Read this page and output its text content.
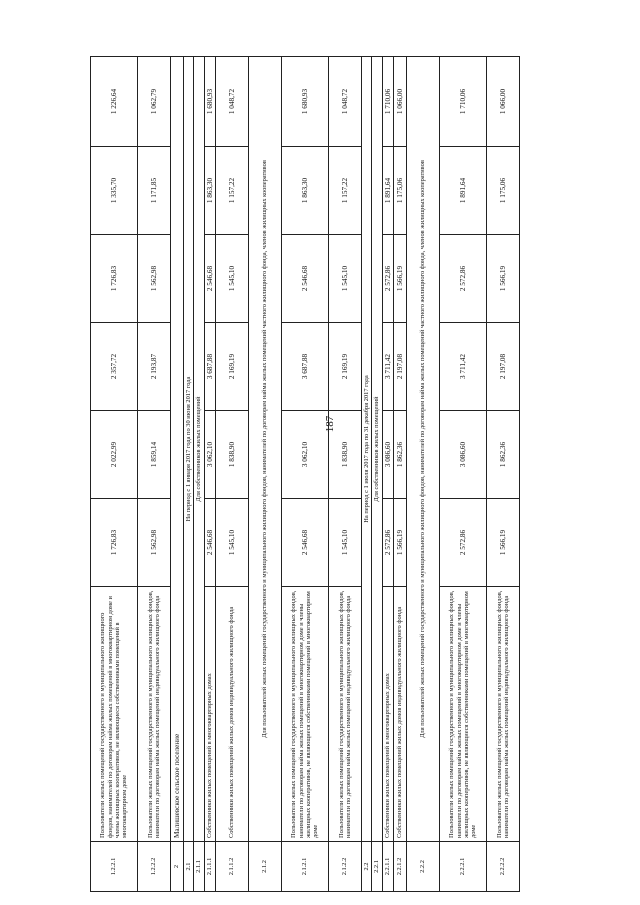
187
1.2.2.1	Пользователи жилых помещений государственного и муниципального жилищного фондов, нанимателей по договорам найма жилых помещений в многоквартирном доме и члены жилищных кооперативов, не являющиеся собственниками помещений в многоквартирном доме	1 726,83	2 022,99	2 357,72	1 726,83	1 335,70	1 226,64
1.2.2.2	Пользователи жилых помещений государственного и муниципального жилищных фондов, наниматели по договорам найма жилых помещений индивидуального жилищного фонда	1 562,98	1 859,14	2 193,87	1 562,98	1 171,85	1 062,79
2	Малишевское сельское поселение						
2.1	На период с 1 января 2017 года по 30 июня 2017 года						
2.1.1	Для собственников жилых помещений						
2.1.1.1	Собственники жилых помещений в многоквартирных домах	2 546,68	3 062,10	3 687,88	2 546,68	1 863,30	1 680,93
2.1.1.2	Собственники жилых помещений жилых домов индивидуального жилищного фонда	1 545,10	1 838,90	2 169,19	1 545,10	1 157,22	1 048,72
2.1.2	Для пользователей жилых помещений государственного и муниципального жилищного фондов, нанимателей по договорам найма жилых помещений частного жилищного фонда, членов жилищных кооперативов						
2.1.2.1	Пользователи жилых помещений государственного и муниципального жилищных фондов, наниматели по договорам найма жилых помещений в многоквартирном доме и члены жилищных кооперативов, не являющиеся собственниками помещений в многоквартирном доме	2 546,68	3 062,10	3 687,88	2 546,68	1 863,30	1 680,93
2.1.2.2	Пользователи жилых помещений государственного и муниципального жилищных фондов, наниматели по договорам найма жилых помещений индивидуального жилищного фонда	1 545,10	1 838,90	2 169,19	1 545,10	1 157,22	1 048,72
2.2	На период с 1 июля 2017 года по 31 декабря 2017 года						
2.2.1	Для собственников жилых помещений						
2.2.1.1	Собственники жилых помещений в многоквартирных домах	2 572,86	3 086,60	3 711,42	2 572,86	1 891,64	1 710,06
2.2.1.2	Собственники жилых помещений жилых домов индивидуального жилищного фонда	1 566,19	1 862,36	2 197,08	1 566,19	1 175,06	1 066,00
2.2.2	Для пользователей жилых помещений государственного и муниципального жилищного фондов, нанимателей по договорам найма жилых помещений частного жилищного фонда, членов жилищных кооперативов						
2.2.2.1	Пользователи жилых помещений государственного и муниципального жилищных фондов, наниматели по договорам найма жилых помещений в многоквартирном доме и члены жилищных кооперативов, не являющиеся собственниками помещений в многоквартирном доме	2 572,86	3 086,60	3 711,42	2 572,86	1 891,64	1 710,06
2.2.2.2	Пользователи жилых помещений государственного и муниципального жилищных фондов, наниматели по договорам найма жилых помещений индивидуального жилищного фонда	1 566,19	1 862,36	2 197,08	1 566,19	1 175,06	1 066,00
